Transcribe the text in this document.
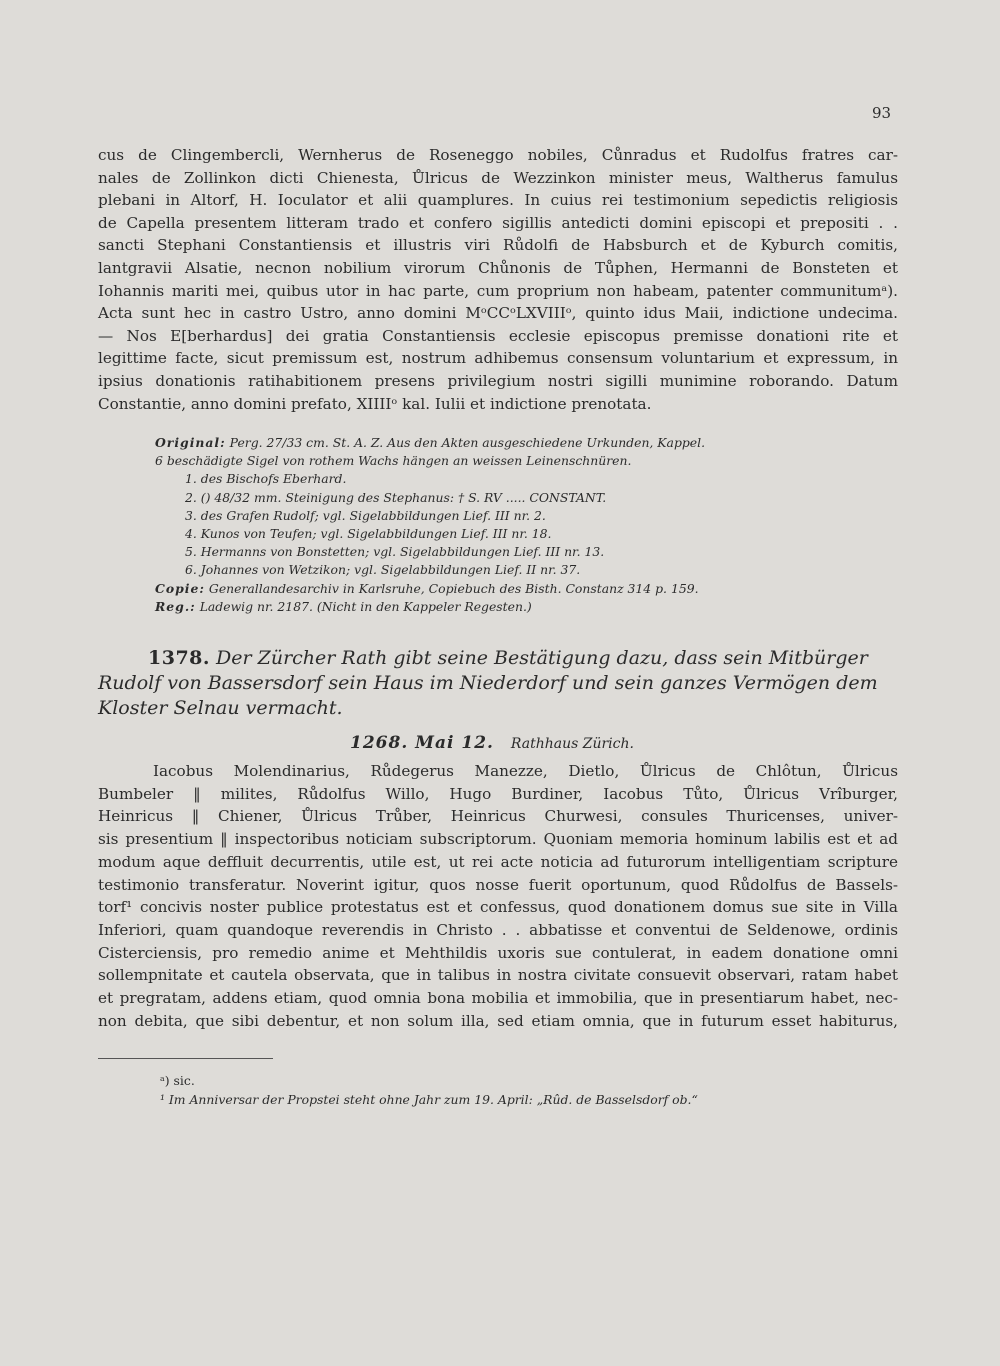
93
cus de Clingembercli, Wernherus de Roseneggo nobiles, Cůnradus et Rudolfus fratres car-
nales de Zollinkon dicti Chienesta, Ůlricus de Wezzinkon minister meus, Waltherus famulus
plebani in Altorf, H. Ioculator et alii quamplures. In cuius rei testimonium sepedictis religiosis
de Capella presentem litteram trado et confero sigillis antedicti domini episcopi et prepositi . .
sancti Stephani Constantiensis et illustris viri Růdolfi de Habsburch et de Kyburch comitis,
lantgravii Alsatie, necnon nobilium virorum Chůnonis de Tůphen, Hermanni de Bonsteten et
Iohannis mariti mei, quibus utor in hac parte, cum proprium non habeam, patenter communitumᵃ).
Acta sunt hec in castro Ustro, anno domini MᵒCCᵒLXVIIIᵒ, quinto idus Maii, indictione undecima.
— Nos E[berhardus] dei gratia Constantiensis ecclesie episcopus premisse donationi rite et
legittime facte, sicut premissum est, nostrum adhibemus consensum voluntarium et expressum, in
ipsius donationis ratihabitionem presens privilegium nostri sigilli munimine roborando. Datum
Constantie, anno domini prefato, XIIIIᵒ kal. Iulii et indictione prenotata.
Original: Perg. 27/33 cm. St. A. Z. Aus den Akten ausgeschiedene Urkunden, Kappel.
6 beschädigte Sigel von rothem Wachs hängen an weissen Leinenschnüren.
1. des Bischofs Eberhard.
2. () 48/32 mm. Steinigung des Stephanus: † S. RV ..... CONSTANT.
3. des Grafen Rudolf; vgl. Sigelabbildungen Lief. III nr. 2.
4. Kunos von Teufen; vgl. Sigelabbildungen Lief. III nr. 18.
5. Hermanns von Bonstetten; vgl. Sigelabbildungen Lief. III nr. 13.
6. Johannes von Wetzikon; vgl. Sigelabbildungen Lief. II nr. 37.
Copie: Generallandesarchiv in Karlsruhe, Copiebuch des Bisth. Constanz 314 p. 159.
Reg.: Ladewig nr. 2187. (Nicht in den Kappeler Regesten.)
1378. Der Zürcher Rath gibt seine Bestätigung dazu, dass sein Mitbürger Rudolf von Bassersdorf sein Haus im Niederdorf und sein ganzes Vermögen dem Kloster Selnau vermacht.
1268. Mai 12. Rathhaus Zürich.
Iacobus Molendinarius, Růdegerus Manezze, Dietlo, Ůlricus de Chlôtun, Ůlricus
Bumbeler ‖ milites, Růdolfus Willo, Hugo Burdiner, Iacobus Tůto, Ůlricus Vrîburger,
Heinricus ‖ Chiener, Ůlricus Trůber, Heinricus Churwesi, consules Thuricenses, univer-
sis presentium ‖ inspectoribus noticiam subscriptorum. Quoniam memoria hominum labilis est et ad
modum aque deffluit decurrentis, utile est, ut rei acte noticia ad futurorum intelligentiam scripture
testimonio transferatur. Noverint igitur, quos nosse fuerit oportunum, quod Růdolfus de Bassels-
torf¹ concivis noster publice protestatus est et confessus, quod donationem domus sue site in Villa
Inferiori, quam quandoque reverendis in Christo . . abbatisse et conventui de Seldenowe, ordinis
Cisterciensis, pro remedio anime et Mehthildis uxoris sue contulerat, in eadem donatione omni
sollempnitate et cautela observata, que in talibus in nostra civitate consuevit observari, ratam habet
et pregratam, addens etiam, quod omnia bona mobilia et immobilia, que in presentiarum habet, nec-
non debita, que sibi debentur, et non solum illa, sed etiam omnia, que in futurum esset habiturus,
ᵃ) sic.
¹ Im Anniversar der Propstei steht ohne Jahr zum 19. April: „Rûd. de Basselsdorf ob.“
